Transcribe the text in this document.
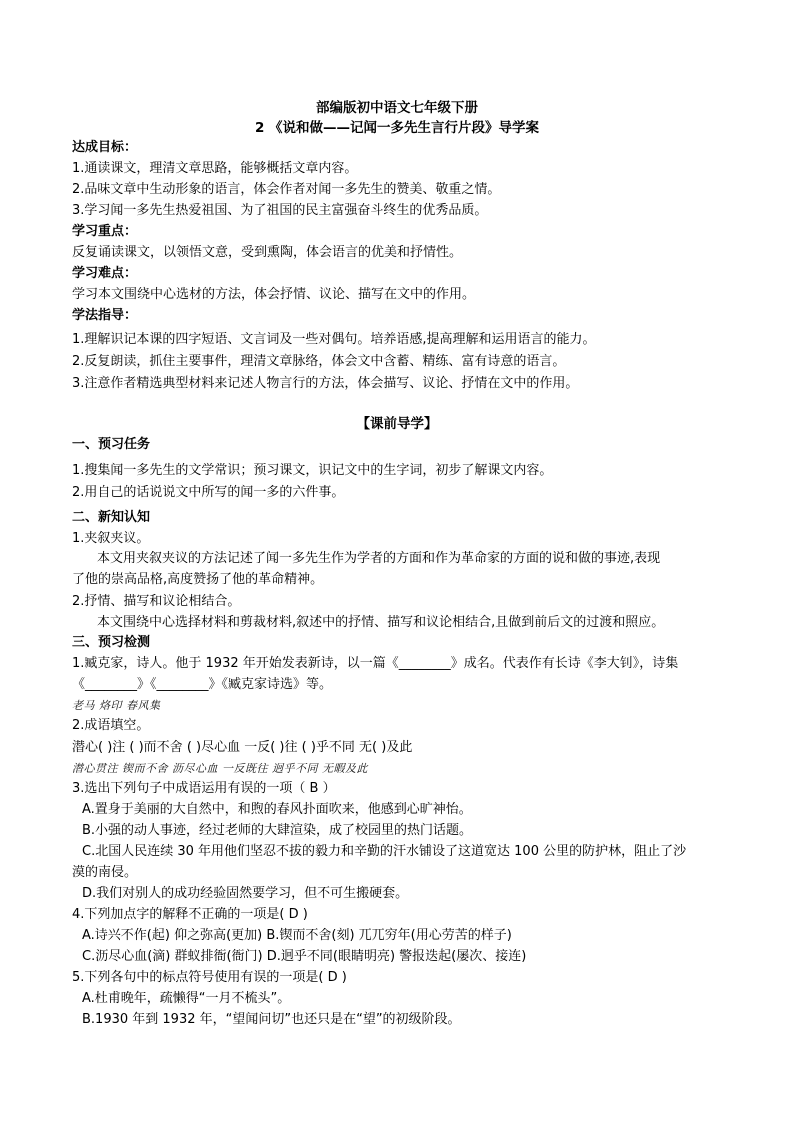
部编版初中语文七年级下册
2 《说和做——记闻一多先生言行片段》导学案
达成目标：
1.通读课文，理清文章思路，能够概括文章内容。
2.品味文章中生动形象的语言，体会作者对闻一多先生的赞美、敬重之情。
3.学习闻一多先生热爱祖国、为了祖国的民主富强奋斗终生的优秀品质。
学习重点：
反复诵读课文，以领悟文意，受到熏陶，体会语言的优美和抒情性。
学习难点：
学习本文围绕中心选材的方法，体会抒情、议论、描写在文中的作用。
学法指导：
1.理解识记本课的四字短语、文言词及一些对偶句。培养语感,提高理解和运用语言的能力。
2.反复朗读，抓住主要事件，理清文章脉络，体会文中含蓄、精练、富有诗意的语言。
3.注意作者精选典型材料来记述人物言行的方法，体会描写、议论、抒情在文中的作用。
【课前导学】
一、预习任务
1.搜集闻一多先生的文学常识；预习课文，识记文中的生字词，初步了解课文内容。
2.用自己的话说说文中所写的闻一多的六件事。
二、新知认知
1.夹叙夹议。
本文用夹叙夹议的方法记述了闻一多先生作为学者的方面和作为革命家的方面的说和做的事迹,表现
了他的崇高品格,高度赞扬了他的革命精神。
2.抒情、描写和议论相结合。
本文围绕中心选择材料和剪裁材料,叙述中的抒情、描写和议论相结合,且做到前后文的过渡和照应。
三、预习检测
1.臧克家，诗人。他于 1932 年开始发表新诗，以一篇《________》成名。代表作有长诗《李大钊》，诗集
《________》《________》《臧克家诗选》等。
老马 烙印 春风集
2.成语填空。
潜心( )注 ( )而不舍 ( )尽心血 一反( )往 ( )乎不同 无( )及此
潜心贯注 锲而不舍 沥尽心血 一反既往 迥乎不同 无暇及此
3.选出下列句子中成语运用有误的一项（ B ）
A.置身于美丽的大自然中，和煦的春风扑面吹来，他感到心旷神怡。
B.小强的动人事迹，经过老师的大肆渲染，成了校园里的热门话题。
C.北国人民连续 30 年用他们坚忍不拔的毅力和辛勤的汗水铺设了这道宽达 100 公里的防护林，阻止了沙
漠的南侵。
D.我们对别人的成功经验固然要学习，但不可生搬硬套。
4.下列加点字的解释不正确的一项是( D )
A.诗兴不作(起) 仰之弥高(更加) B.锲而不舍(刻) 兀兀穷年(用心劳苦的样子)
C.沥尽心血(滴) 群蚁排衙(衙门) D.迥乎不同(眼睛明亮) 警报迭起(屡次、接连)
5.下列各句中的标点符号使用有误的一项是( D )
A.杜甫晚年，疏懒得“一月不梳头”。
B.1930 年到 1932 年，“望闻问切”也还只是在“望”的初级阶段。
